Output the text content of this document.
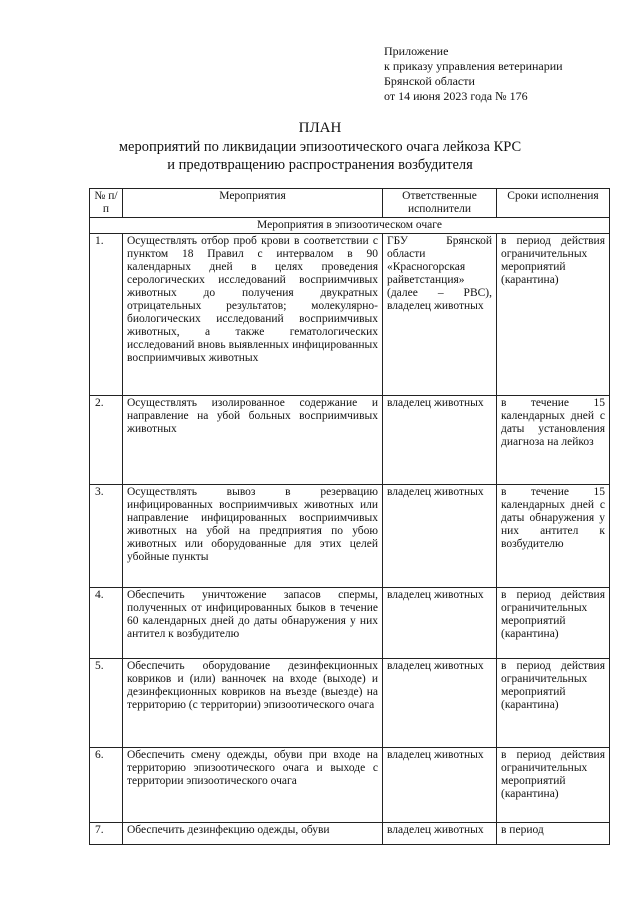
Приложение
к приказу управления ветеринарии
Брянской области
от 14 июня 2023 года № 176
ПЛАН
мероприятий по ликвидации эпизоотического очага лейкоза КРС
и предотвращению распространения возбудителя
№ п/п	Мероприятия	Ответственные исполнители	Сроки исполнения
Мероприятия в эпизоотическом очаге			
1.	Осуществлять отбор проб крови в соответствии с пунктом 18 Правил с интервалом в 90 календарных дней в целях проведения серологических исследований восприимчивых животных до получения двукратных отрицательных результатов; молекулярно-биологических исследований восприимчивых животных, а также гематологических исследований вновь выявленных инфицированных восприимчивых животных	ГБУ Брянской области «Красногорская райветстанция» (далее – РВС), владелец животных	в период действия ограничительных мероприятий (карантина)
2.	Осуществлять изолированное содержание и направление на убой больных восприимчивых животных	владелец животных	в течение 15 календарных дней с даты установления диагноза на лейкоз
3.	Осуществлять вывоз в резервацию инфицированных восприимчивых животных или направление инфицированных восприимчивых животных на убой на предприятия по убою животных или оборудованные для этих целей убойные пункты	владелец животных	в течение 15 календарных дней с даты обнаружения у них антител к возбудителю
4.	Обеспечить уничтожение запасов спермы, полученных от инфицированных быков в течение 60 календарных дней до даты обнаружения у них антител к возбудителю	владелец животных	в период действия ограничительных мероприятий (карантина)
5.	Обеспечить оборудование дезинфекционных ковриков и (или) ванночек на входе (выходе) и дезинфекционных ковриков на въезде (выезде) на территорию (с территории) эпизоотического очага	владелец животных	в период действия ограничительных мероприятий (карантина)
6.	Обеспечить смену одежды, обуви при входе на территорию эпизоотического очага и выходе с территории эпизоотического очага	владелец животных	в период действия ограничительных мероприятий (карантина)
7.	Обеспечить дезинфекцию одежды, обуви	владелец животных	в период
